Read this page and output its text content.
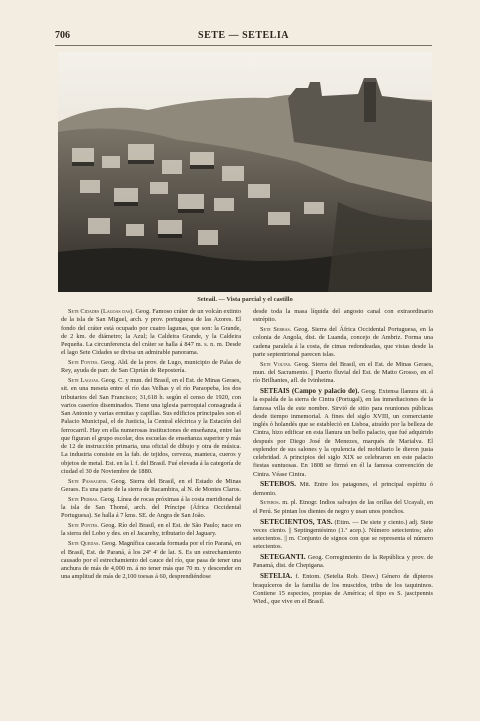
706	SETE — SETELIA
Seteail. — Vista parcial y el castillo

Sete Cidades (Lagoas das). Geog. Famoso cráter de un volcán extinto de la isla de San Miguel, arch. y prov. portuguesa de las Azores. El fondo del cráter está ocupado por cuatro lagunas, que son: la Grande, de 2 km. de diámetro; la Azul; la Caldeira Grande, y la Caldeira Pequeña. La circunferencia del cráter se halla á 847 m. s. n. m. Desde el lago Sete Cidades se divisa un admirable panorama.

Sete Fontes. Geog. Ald. de la prov. de Lugo, municipio de Palas de Rey, ayuda de parr. de San Ciprián de Repostería.

Sete Lagoas. Geog. C. y mun. del Brasil, en el Est. de Minas Geraes, sit. en una meseta entre el río das Velhas y el río Paraopeba, los dos tributarios del San Francisco; 31,618 h. según el censo de 1920, con varios caseríos diseminados. Tiene una iglesia parroquial consagrada á San Antonio y varias ermitas y capillas. Sus edificios principales son el Palacio Municipal, el de Justicia, la Central eléctrica y la Estación del ferrocarril. Hay en ella numerosas instituciones de enseñanza, entre las que figuran el grupo escolar, dos escuelas de enseñanza superior y más de 12 de instrucción primaria, una oficial de dibujo y otra de música. La industria consiste en la fab. de tejidos, cerveza, manteca, cueros y objetos de metal. Est. en la l. f. del Brasil. Fué elevada á la categoría de ciudad el 30 de Noviembre de 1880.

Sete Passagens. Geog. Sierra del Brasil, en el Estado de Minas Geraes. Es una parte de la sierra de Itacambira, al N. de Montes Claros.

Sete Pedras. Geog. Línea de rocas próximas á la costa meridional de la isla de San Thomé, arch. del Príncipe (África Occidental Portuguesa). Se halla á 7 kms. SE. de Angra de San João.

Sete Pontes. Geog. Río del Brasil, en el Est. de São Paulo; nace en la sierra del Lobo y des. en el Jacarehy, tributario del Jaguary.

Sete Quedas. Geog. Magnífica cascada formada por el río Paraná, en el Brasil, Est. de Paraná, á los 24º 4' de lat. S. Es un estrechamiento causado por el estrechamiento del cauce del río, que pasa de tener una anchura de más de 4,000 m. á no tener más que 70 m. y descender en una amplitud de más de 2,100 toesas á 60, desprendiéndose

desde toda la masa líquida del angosto canal con extraordinario estrépito.

Sete Serras. Geog. Sierra del África Occidental Portuguesa, en la colonia de Angola, dist. de Luanda, concejo de Ambriz. Forma una cadena paralela á la costa, de cimas redondeadas, que vistas desde la parte septentrional parecen islas.

Sete Voltas. Geog. Sierra del Brasil, en el Est. de Minas Geraes, mun. del Sacramento. || Puerto fluvial del Est. de Matto Grosso, en el río Brilhantes, afl. de Ivinheima.

SETEAIS (Campo y palacio de). Geog. Extensa llanura sit. á la espalda de la sierra de Cintra (Portugal), en las inmediaciones de la famosa villa de este nombre. Sirvió de sitio para reuniones públicas desde tiempo inmemorial. A fines del siglo XVIII, un comerciante inglés ó holandés que se estableció en Lisboa, atraído por la belleza de Cintra, hizo edificar en esta llanura un bello palacio, que fué adquirido después por Diego José de Menezes, marqués de Marialva. El esplendor de sus salones y la opulencia del mobiliario le dieron justa celebridad. A principios del siglo XIX se celebraron en este palacio fiestas suntuosas. En 1808 se firmó en él la famosa convención de Cintra. Véase Cintra.

SETEBOS. Mit. Entre los patagones, el principal espíritu ó demonio.

Setebos. m. pl. Etnogr. Indios salvajes de las orillas del Ucayali, en el Perú. Se pintan los dientes de negro y usan unos ponchos.

SETECIENTOS, TAS. (Etim. — De siete y ciento.) adj. Siete veces ciento. || Septingentésimo (1.ª acep.). Número setecientos; año setecientos. || m. Conjunto de signos con que se representa el número setecientos.

SETEGANTI. Geog. Corregimiento de la República y prov. de Panamá, dist. de Chepigana.

SETELIA. f. Entom. (Setelia Rob. Desv.) Género de dípteros braquíceros de la familia de los muscidos, tribu de los taquininos. Contiene 15 especies, propias de América; el tipo es S. jascipennis Wied., que vive en el Brasil.
